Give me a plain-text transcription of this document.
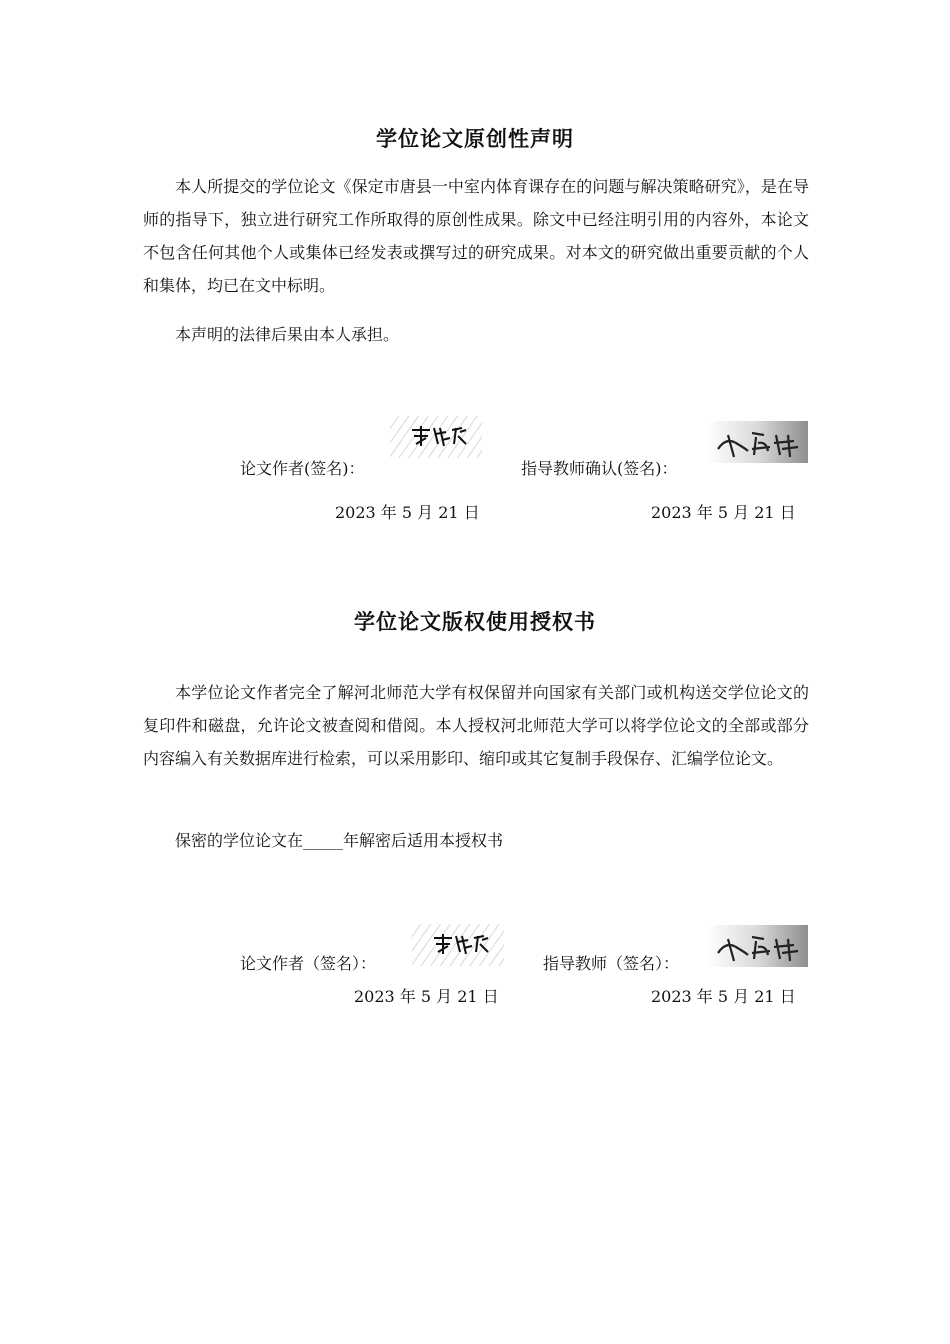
学位论文原创性声明

本人所提交的学位论文《保定市唐县一中室内体育课存在的问题与解决策略研究》，是在导师的指导下，独立进行研究工作所取得的原创性成果。除文中已经注明引用的内容外，本论文不包含任何其他个人或集体已经发表或撰写过的研究成果。对本文的研究做出重要贡献的个人和集体，均已在文中标明。

本声明的法律后果由本人承担。

论文作者(签名)：	指导教师确认(签名)：
2023 年 5 月 21 日	2023 年 5 月 21 日
学位论文版权使用授权书

本学位论文作者完全了解河北师范大学有权保留并向国家有关部门或机构送交学位论文的复印件和磁盘，允许论文被查阅和借阅。本人授权河北师范大学可以将学位论文的全部或部分内容编入有关数据库进行检索，可以采用影印、缩印或其它复制手段保存、汇编学位论文。

保密的学位论文在_____年解密后适用本授权书

论文作者（签名）：	指导教师（签名）：
2023 年 5 月 21 日	2023 年 5 月 21 日
